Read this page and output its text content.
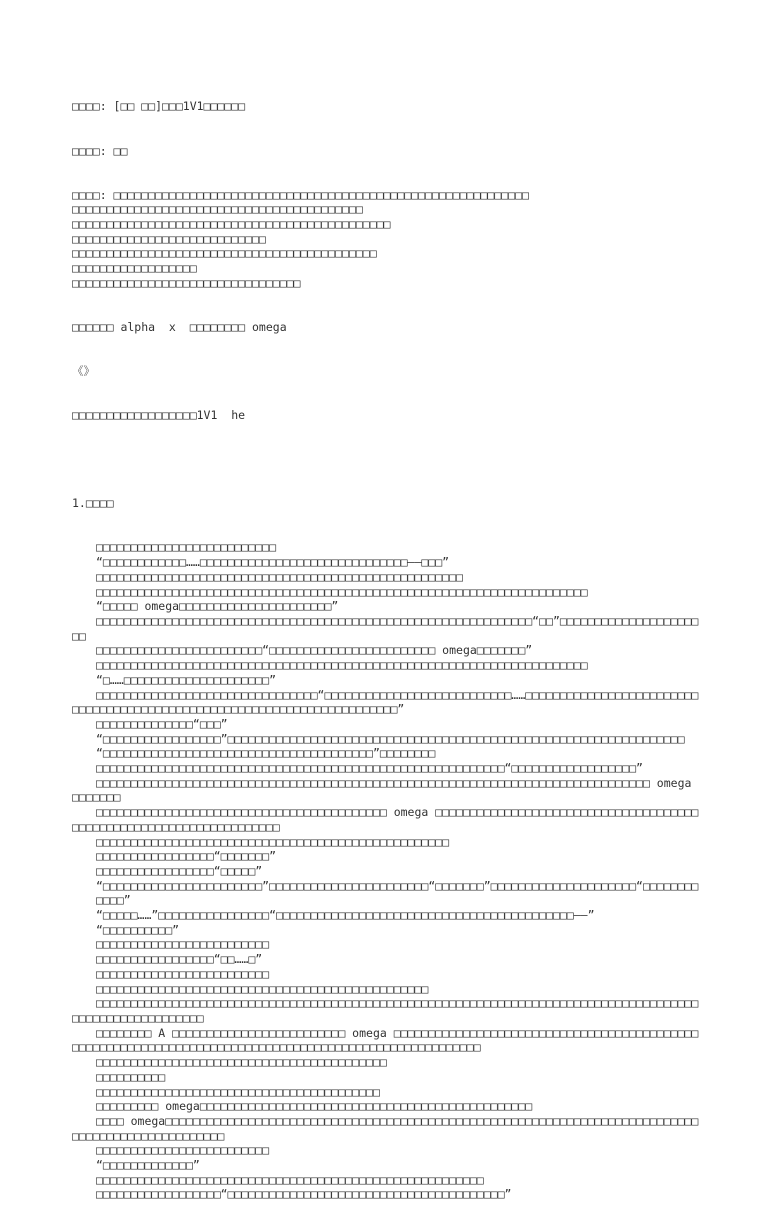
□□□□: [□□ □□]□□□1V1□□□□□□

□□□□: □□

□□□□: □□□□□□□□□□□□□□□□□□□□□□□□□□□□□□□□□□□□□□□□□□□□□□□□□□□□□□□□□□□□
□□□□□□□□□□□□□□□□□□□□□□□□□□□□□□□□□□□□□□□□□□
□□□□□□□□□□□□□□□□□□□□□□□□□□□□□□□□□□□□□□□□□□□□□□
□□□□□□□□□□□□□□□□□□□□□□□□□□□□
□□□□□□□□□□□□□□□□□□□□□□□□□□□□□□□□□□□□□□□□□□□□
□□□□□□□□□□□□□□□□□□
□□□□□□□□□□□□□□□□□□□□□□□□□□□□□□□□□

□□□□□□ alpha  x  □□□□□□□□ omega

《》

□□□□□□□□□□□□□□□□□□1V1  he

1.□□□□

□□□□□□□□□□□□□□□□□□□□□□□□□□
“□□□□□□□□□□□□……□□□□□□□□□□□□□□□□□□□□□□□□□□□□□□——□□□”
□□□□□□□□□□□□□□□□□□□□□□□□□□□□□□□□□□□□□□□□□□□□□□□□□□□□□
□□□□□□□□□□□□□□□□□□□□□□□□□□□□□□□□□□□□□□□□□□□□□□□□□□□□□□□□□□□□□□□□□□□□□□□
“□□□□□ omega□□□□□□□□□□□□□□□□□□□□□□”
□□□□□□□□□□□□□□□□□□□□□□□□□□□□□□□□□□□□□□□□□□□□□□□□□□□□□□□□□□□□□□□“□□”□□□□□□□□□□□□□□□□□□□□□□
□□□□□□□□□□□□□□□□□□□□□□□□“□□□□□□□□□□□□□□□□□□□□□□□□ omega□□□□□□□”
□□□□□□□□□□□□□□□□□□□□□□□□□□□□□□□□□□□□□□□□□□□□□□□□□□□□□□□□□□□□□□□□□□□□□□□
“□……□□□□□□□□□□□□□□□□□□□□□”
□□□□□□□□□□□□□□□□□□□□□□□□□□□□□□□□“□□□□□□□□□□□□□□□□□□□□□□□□□□□……□□□□□□□□□□□□□□□□□□□□□□□□□□□□□□□□□□□□□□□□□□□□□□□□□□□□□□□□□□□□□□□□□□□□□□□□”
□□□□□□□□□□□□□□“□□□”
“□□□□□□□□□□□□□□□□□”□□□□□□□□□□□□□□□□□□□□□□□□□□□□□□□□□□□□□□□□□□□□□□□□□□□□□□□□□□□□□□□□□□
“□□□□□□□□□□□□□□□□□□□□□□□□□□□□□□□□□□□□□□□”□□□□□□□□
□□□□□□□□□□□□□□□□□□□□□□□□□□□□□□□□□□□□□□□□□□□□□□□□□□□□□□□□□□□“□□□□□□□□□□□□□□□□□□”
□□□□□□□□□□□□□□□□□□□□□□□□□□□□□□□□□□□□□□□□□□□□□□□□□□□□□□□□□□□□□□□□□□□□□□□□□□□□□□□□ omega □□□□□□□
□□□□□□□□□□□□□□□□□□□□□□□□□□□□□□□□□□□□□□□□□□ omega □□□□□□□□□□□□□□□□□□□□□□□□□□□□□□□□□□□□□□□□□□□□□□□□□□□□□□□□□□□□□□□□□□□□
□□□□□□□□□□□□□□□□□□□□□□□□□□□□□□□□□□□□□□□□□□□□□□□□□□□
□□□□□□□□□□□□□□□□□“□□□□□□□”
□□□□□□□□□□□□□□□□□“□□□□□”
“□□□□□□□□□□□□□□□□□□□□□□□”□□□□□□□□□□□□□□□□□□□□□□□“□□□□□□□”□□□□□□□□□□□□□□□□□□□□□“□□□□□□□□□□□□”
“□□□□□……”□□□□□□□□□□□□□□□□“□□□□□□□□□□□□□□□□□□□□□□□□□□□□□□□□□□□□□□□□□□□——”
“□□□□□□□□□□”
□□□□□□□□□□□□□□□□□□□□□□□□□
□□□□□□□□□□□□□□□□□“□□……□”
□□□□□□□□□□□□□□□□□□□□□□□□□
□□□□□□□□□□□□□□□□□□□□□□□□□□□□□□□□□□□□□□□□□□□□□□□□
□□□□□□□□□□□□□□□□□□□□□□□□□□□□□□□□□□□□□□□□□□□□□□□□□□□□□□□□□□□□□□□□□□□□□□□□□□□□□□□□□□□□□□□□□□□□□□□□□□□□□□□□□□
□□□□□□□□ A □□□□□□□□□□□□□□□□□□□□□□□□□ omega □□□□□□□□□□□□□□□□□□□□□□□□□□□□□□□□□□□□□□□□□□□□□□□□□□□□□□□□□□□□□□□□□□□□□□□□□□□□□□□□□□□□□□□□□□□□□□□□□□□□□□□
□□□□□□□□□□□□□□□□□□□□□□□□□□□□□□□□□□□□□□□□□□
□□□□□□□□□□
□□□□□□□□□□□□□□□□□□□□□□□□□□□□□□□□□□□□□□□□□
□□□□□□□□□ omega□□□□□□□□□□□□□□□□□□□□□□□□□□□□□□□□□□□□□□□□□□□□□□□□
□□□□ omega□□□□□□□□□□□□□□□□□□□□□□□□□□□□□□□□□□□□□□□□□□□□□□□□□□□□□□□□□□□□□□□□□□□□□□□□□□□□□□□□□□□□□□□□□□□□□□□□□□□
□□□□□□□□□□□□□□□□□□□□□□□□□
“□□□□□□□□□□□□□”
□□□□□□□□□□□□□□□□□□□□□□□□□□□□□□□□□□□□□□□□□□□□□□□□□□□□□□□□
□□□□□□□□□□□□□□□□□□“□□□□□□□□□□□□□□□□□□□□□□□□□□□□□□□□□□□□□□□□”
